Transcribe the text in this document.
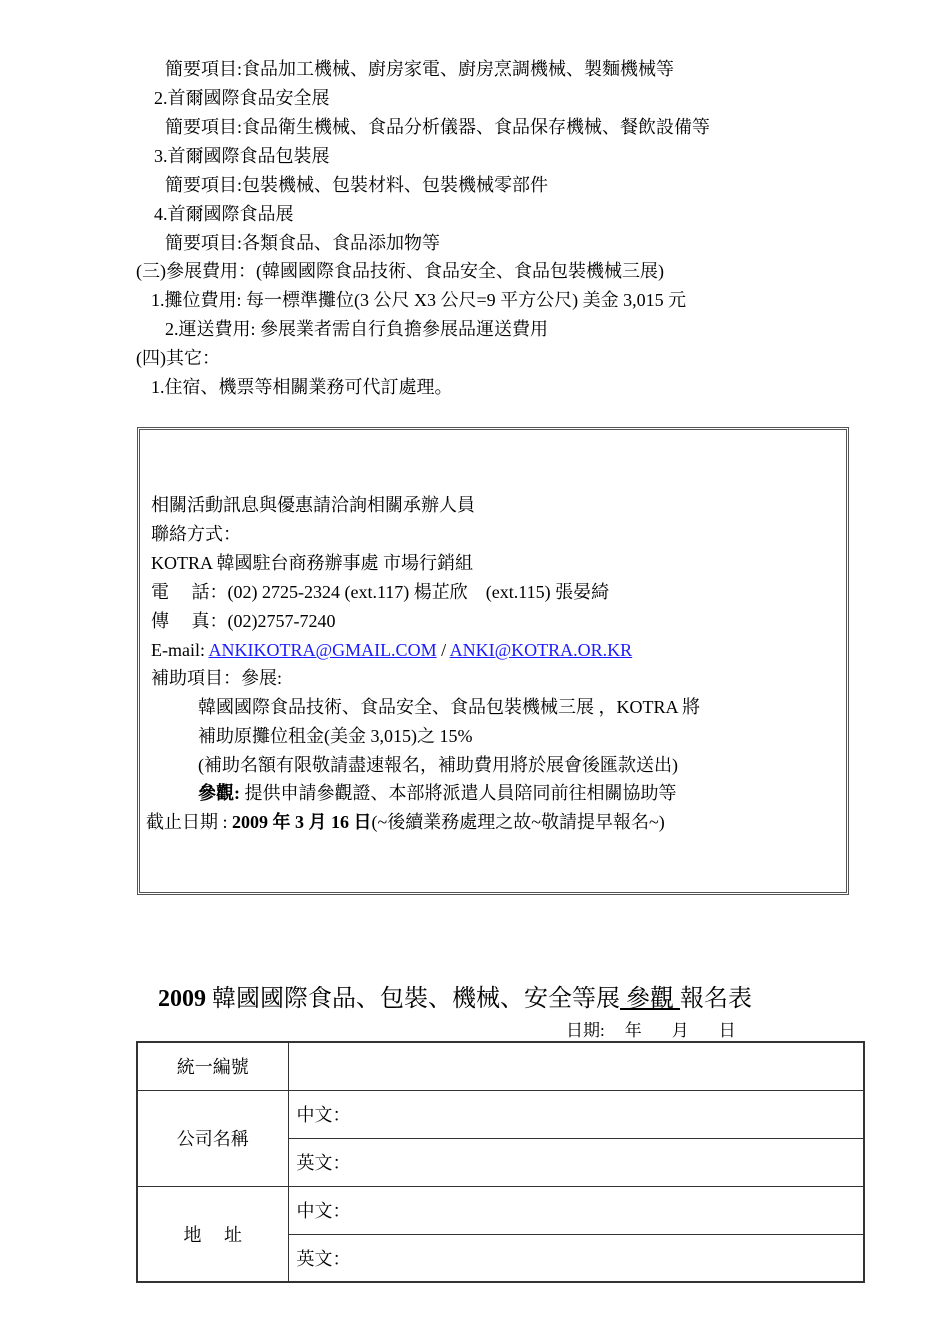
簡要項目:食品加工機械、廚房家電、廚房烹調機械、製麵機械等
2.首爾國際食品安全展
簡要項目:食品衛生機械、食品分析儀器、食品保存機械、餐飲設備等
3.首爾國際食品包裝展
簡要項目:包裝機械、包裝材料、包裝機械零部件
4.首爾國際食品展
簡要項目:各類食品、食品添加物等
(三)參展費用：(韓國國際食品技術、食品安全、食品包裝機械三展)
1.攤位費用: 每一標準攤位(3 公尺 X3 公尺=9 平方公尺) 美金 3,015 元
2.運送費用: 參展業者需自行負擔參展品運送費用
(四)其它：
1.住宿、機票等相關業務可代訂處理。
相關活動訊息與優惠請洽詢相關承辦人員
聯絡方式：
KOTRA 韓國駐台商務辦事處 市場行銷組
電　 話：(02) 2725-2324 (ext.117) 楊芷欣　(ext.115) 張晏綺
傳　 真：(02)2757-7240
E-mail: ANKIKOTRA@GMAIL.COM / ANKI@KOTRA.OR.KR
補助項目：參展:
韓國國際食品技術、食品安全、食品包裝機械三展 ，KOTRA 將
補助原攤位租金(美金 3,015)之 15%
(補助名額有限敬請盡速報名，補助費用將於展會後匯款送出)
參觀: 提供申請參觀證、本部將派遣人員陪同前往相關協助等
截止日期 : 2009 年 3 月 16 日(~後續業務處理之故~敬請提早報名~)
2009 韓國國際食品、包裝、機械、安全等展 參觀 報名表
日期: 年 月 日
統一編號	
公司名稱	中文：
	英文：
地　 址	中文：
	英文：
